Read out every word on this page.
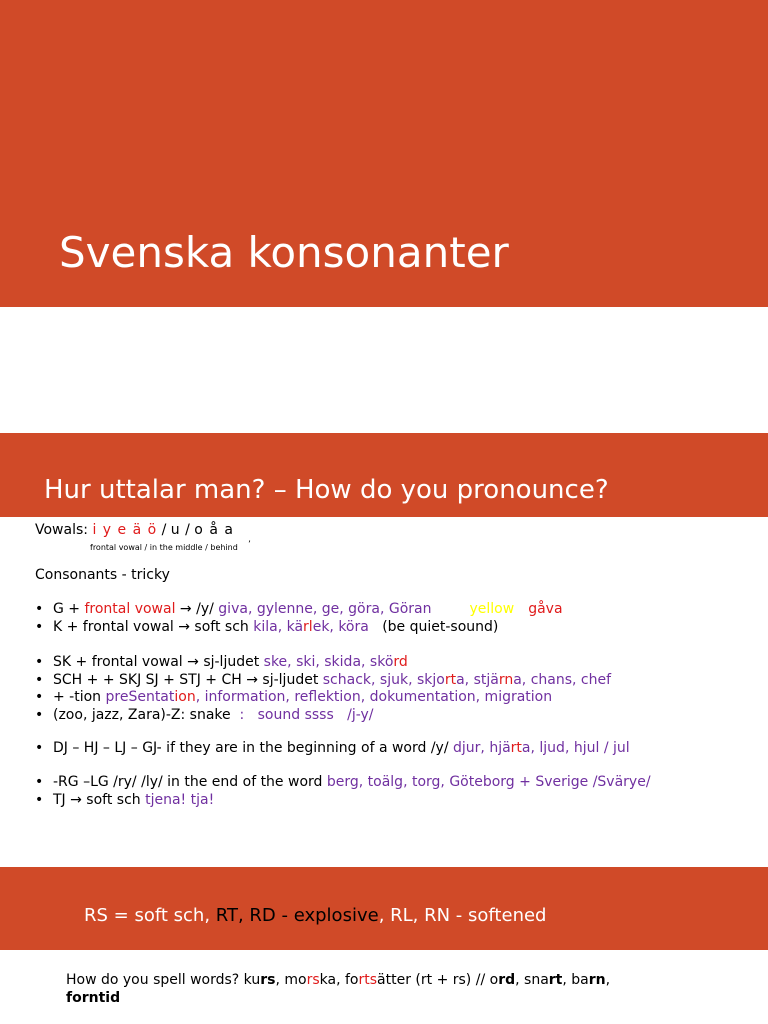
Svenska konsonanter
Hur uttalar man? – How do you pronounce?
Vowals: i y e ä ö / u / o å a
frontal vowal / in the middle / behind ’
Consonants - tricky
• G + frontal vowal → /y/ giva, gylenne, ge, göra, Göran	yellow gåva
• K + frontal vowal → soft sch kila, kärlek, köra   (be quiet-sound)
• SK + frontal vowal → sj-ljudet ske, ski, skida, skörd
• SCH + + SKJ SJ + STJ + CH → sj-ljudet schack, sjuk, skjorta, stjärna, chans, chef
• + -tion preSentation, information, reflektion, dokumentation, migration
• (zoo, jazz, Zara)-Z: snake  :   sound ssss   /j-y/
• DJ – HJ – LJ – GJ- if they are in the beginning of a word /y/ djur, hjärta, ljud, hjul / jul
• -RG –LG /ry/ /ly/ in the end of the word berg, toälg, torg, Göteborg + Sverige /Svärye/
• TJ → soft sch tjena! tja!

RS = soft sch, RT, RD - explosive, RL, RN - softened

How do you spell words? kurs, morska, fortsätter (rt + rs) // ord, snart, barn,
forntid
